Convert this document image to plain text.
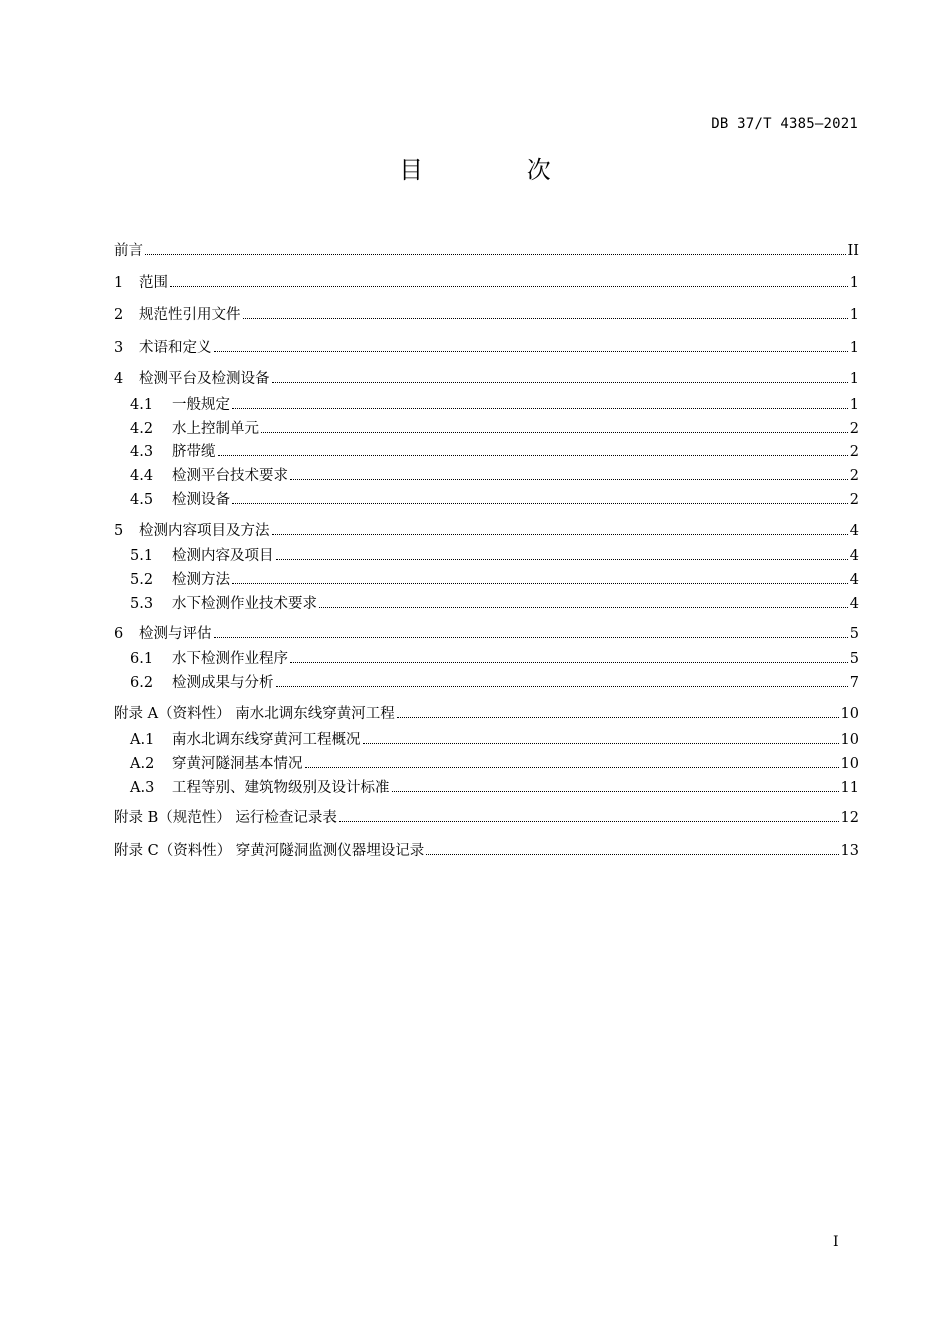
DB 37/T 4385—2021
目 次
前言	II
1	范围	1
2	规范性引用文件	1
3	术语和定义	1
4	检测平台及检测设备	1
4.1	一般规定	1
4.2	水上控制单元	2
4.3	脐带缆	2
4.4	检测平台技术要求	2
4.5	检测设备	2
5	检测内容项目及方法	4
5.1	检测内容及项目	4
5.2	检测方法	4
5.3	水下检测作业技术要求	4
6	检测与评估	5
6.1	水下检测作业程序	5
6.2	检测成果与分析	7
附录 A（资料性） 南水北调东线穿黄河工程	10
A.1	南水北调东线穿黄河工程概况	10
A.2	穿黄河隧洞基本情况	10
A.3	工程等别、建筑物级别及设计标准	11
附录 B（规范性） 运行检查记录表	12
附录 C（资料性） 穿黄河隧洞监测仪器埋设记录	13
I
